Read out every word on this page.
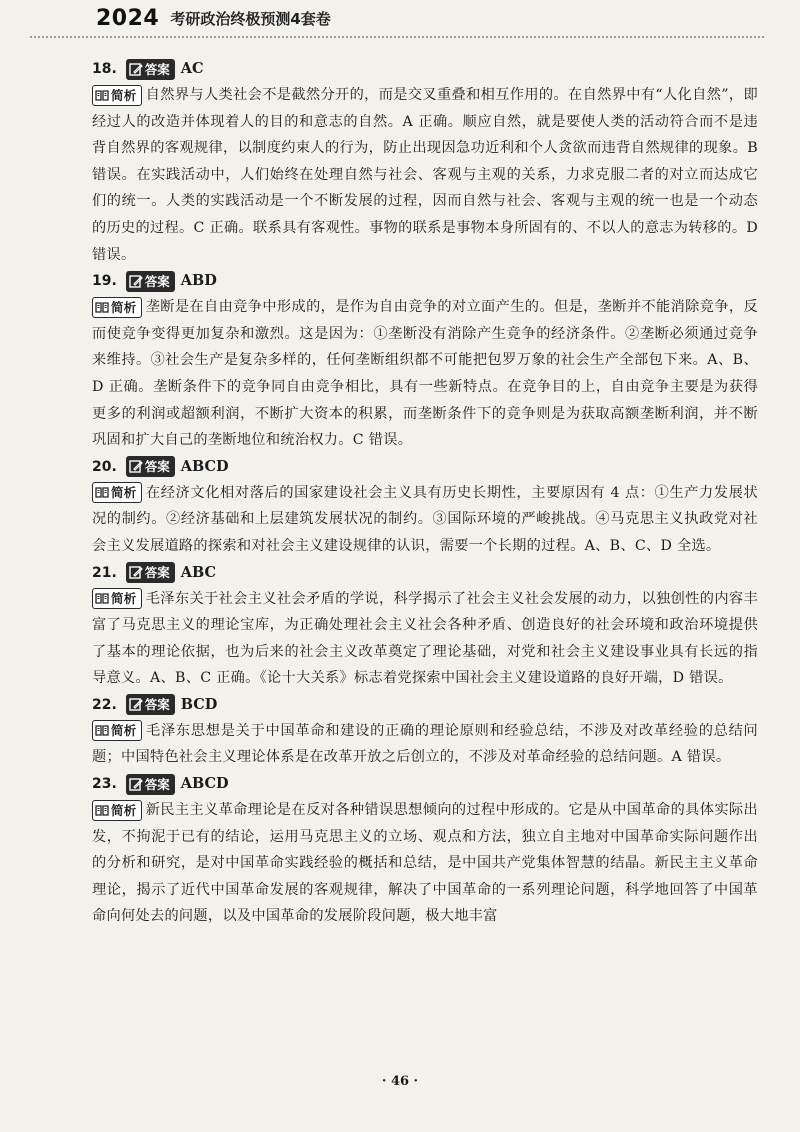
2024 考研政治终极预测4套卷
18. 答案 AC
简析 自然界与人类社会不是截然分开的，而是交叉重叠和相互作用的。在自然界中有“人化自然”，即经过人的改造并体现着人的目的和意志的自然。A 正确。顺应自然，就是要使人类的活动符合而不是违背自然界的客观规律，以制度约束人的行为，防止出现因急功近利和个人贪欲而违背自然规律的现象。B 错误。在实践活动中，人们始终在处理自然与社会、客观与主观的关系，力求克服二者的对立而达成它们的统一。人类的实践活动是一个不断发展的过程，因而自然与社会、客观与主观的统一也是一个动态的历史的过程。C 正确。联系具有客观性。事物的联系是事物本身所固有的、不以人的意志为转移的。D 错误。
19. 答案 ABD
简析 垄断是在自由竞争中形成的，是作为自由竞争的对立面产生的。但是，垄断并不能消除竞争，反而使竞争变得更加复杂和激烈。这是因为：①垄断没有消除产生竞争的经济条件。②垄断必须通过竞争来维持。③社会生产是复杂多样的，任何垄断组织都不可能把包罗万象的社会生产全部包下来。A、B、D 正确。垄断条件下的竞争同自由竞争相比，具有一些新特点。在竞争目的上，自由竞争主要是为获得更多的利润或超额利润，不断扩大资本的积累，而垄断条件下的竞争则是为获取高额垄断利润，并不断巩固和扩大自己的垄断地位和统治权力。C 错误。
20. 答案 ABCD
简析 在经济文化相对落后的国家建设社会主义具有历史长期性，主要原因有 4 点：①生产力发展状况的制约。②经济基础和上层建筑发展状况的制约。③国际环境的严峻挑战。④马克思主义执政党对社会主义发展道路的探索和对社会主义建设规律的认识，需要一个长期的过程。A、B、C、D 全选。
21. 答案 ABC
简析 毛泽东关于社会主义社会矛盾的学说，科学揭示了社会主义社会发展的动力，以独创性的内容丰富了马克思主义的理论宝库，为正确处理社会主义社会各种矛盾、创造良好的社会环境和政治环境提供了基本的理论依据，也为后来的社会主义改革奠定了理论基础，对党和社会主义建设事业具有长远的指导意义。A、B、C 正确。《论十大关系》标志着党探索中国社会主义建设道路的良好开端，D 错误。
22. 答案 BCD
简析 毛泽东思想是关于中国革命和建设的正确的理论原则和经验总结，不涉及对改革经验的总结问题；中国特色社会主义理论体系是在改革开放之后创立的，不涉及对革命经验的总结问题。A 错误。
23. 答案 ABCD
简析 新民主主义革命理论是在反对各种错误思想倾向的过程中形成的。它是从中国革命的具体实际出发，不拘泥于已有的结论，运用马克思主义的立场、观点和方法，独立自主地对中国革命实际问题作出的分析和研究，是对中国革命实践经验的概括和总结，是中国共产党集体智慧的结晶。新民主主义革命理论，揭示了近代中国革命发展的客观规律，解决了中国革命的一系列理论问题，科学地回答了中国革命向何处去的问题，以及中国革命的发展阶段问题，极大地丰富
· 46 ·
